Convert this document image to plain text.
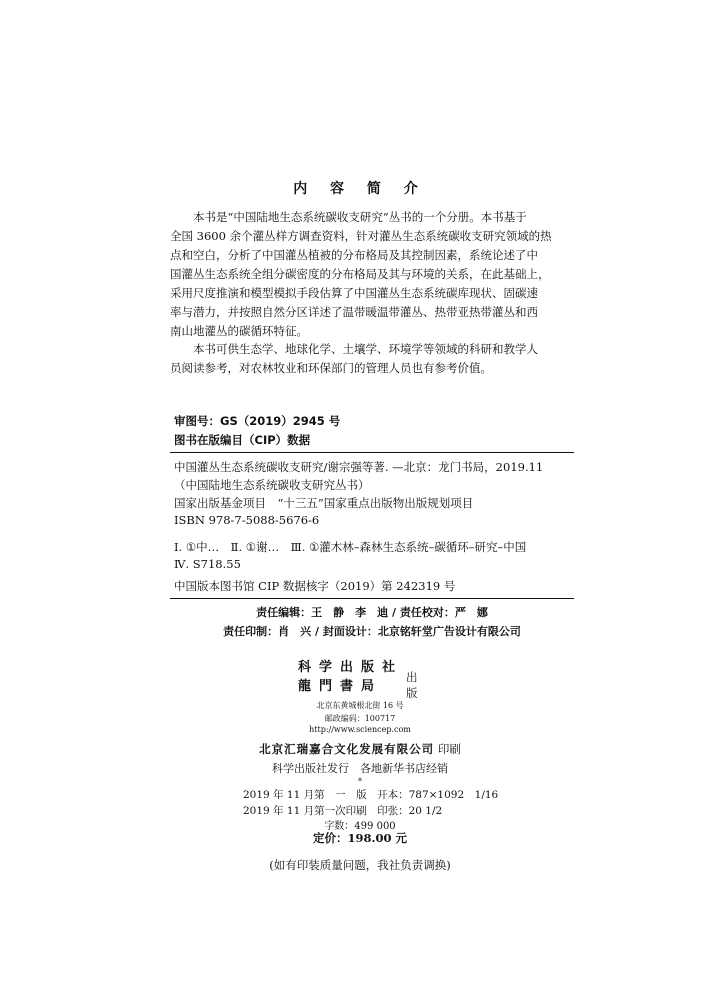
内 容 简 介
　　本书是“中国陆地生态系统碳收支研究”丛书的一个分册。本书基于
全国 3600 余个灌丛样方调查资料，针对灌丛生态系统碳收支研究领域的热
点和空白，分析了中国灌丛植被的分布格局及其控制因素，系统论述了中
国灌丛生态系统全组分碳密度的分布格局及其与环境的关系，在此基础上，
采用尺度推演和模型模拟手段估算了中国灌丛生态系统碳库现状、固碳速
率与潜力，并按照自然分区详述了温带暖温带灌丛、热带亚热带灌丛和西
南山地灌丛的碳循环特征。
　　本书可供生态学、地球化学、土壤学、环境学等领域的科研和教学人
员阅读参考，对农林牧业和环保部门的管理人员也有参考价值。
审图号：GS（2019）2945 号
图书在版编目（CIP）数据
中国灌丛生态系统碳收支研究/谢宗强等著. —北京：龙门书局，2019.11
（中国陆地生态系统碳收支研究丛书）
国家出版基金项目　“十三五”国家重点出版物出版规划项目
ISBN 978-7-5088-5676-6
Ⅰ. ①中…　Ⅱ. ①谢…　Ⅲ. ①灌木林–森林生态系统–碳循环–研究–中国
Ⅳ. S718.55
中国版本图书馆 CIP 数据核字（2019）第 242319 号
责任编辑：王　静　李　迪 / 责任校对：严　娜
责任印制：肖　兴 / 封面设计：北京铭轩堂广告设计有限公司
科学出版社
龍門書局
出版
北京东黄城根北街 16 号
邮政编码：100717
http://www.sciencep.com
北京汇瑞嘉合文化发展有限公司 印刷
科学出版社发行　各地新华书店经销
*
2019 年 11 月第　一　版　开本：787×1092　1/16
2019 年 11 月第一次印刷　印张：20 1/2
字数：499 000
定价：198.00 元
(如有印装质量问题，我社负责调换)
